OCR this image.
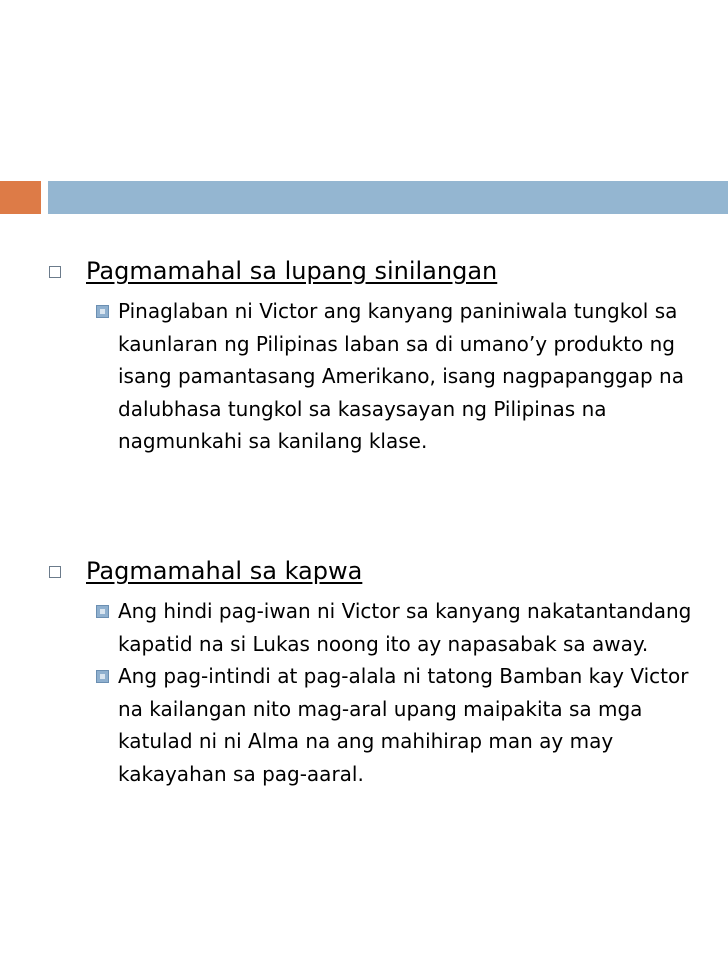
Pagmamahal sa lupang sinilangan
Pinaglaban ni Victor ang kanyang paniniwala tungkol sa kaunlaran ng Pilipinas laban sa di umano’y produkto ng isang pamantasang Amerikano, isang nagpapanggap na dalubhasa tungkol sa kasaysayan ng Pilipinas na nagmunkahi sa kanilang klase.
Pagmamahal sa kapwa
Ang hindi pag-iwan ni Victor sa kanyang nakatantandang kapatid na si Lukas noong ito ay napasabak sa away.
Ang pag-intindi at pag-alala ni tatong Bamban kay Victor na kailangan nito mag-aral upang maipakita sa mga katulad ni ni Alma na ang mahihirap man ay may kakayahan sa pag-aaral.
